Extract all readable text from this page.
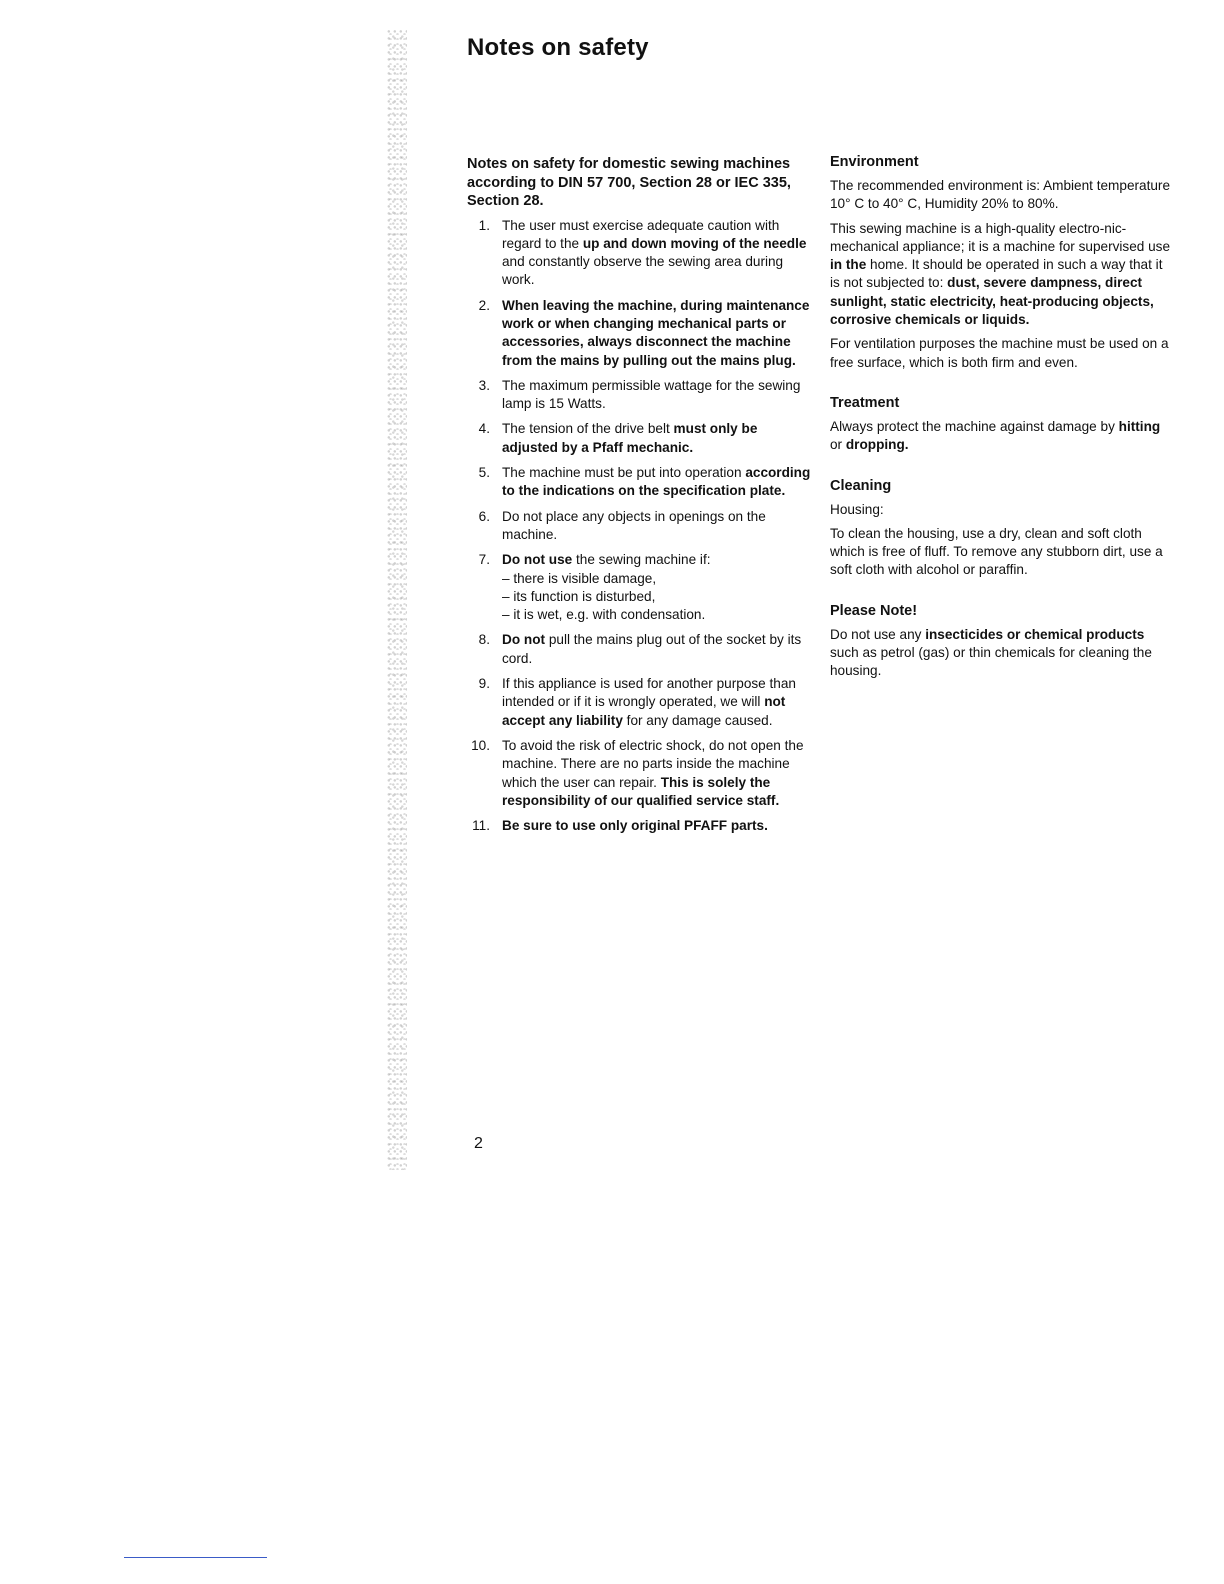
Notes on safety

Notes on safety for domestic sewing machines according to DIN 57 700, Section 28 or IEC 335, Section 28.

1. The user must exercise adequate caution with regard to the up and down moving of the needle and constantly observe the sewing area during work.
2. When leaving the machine, during maintenance work or when changing mechanical parts or accessories, always disconnect the machine from the mains by pulling out the mains plug.
3. The maximum permissible wattage for the sewing lamp is 15 Watts.
4. The tension of the drive belt must only be adjusted by a Pfaff mechanic.
5. The machine must be put into operation according to the indications on the specification plate.
6. Do not place any objects in openings on the machine.
7. Do not use the sewing machine if:
– there is visible damage,
– its function is disturbed,
– it is wet, e.g. with condensation.
8. Do not pull the mains plug out of the socket by its cord.
9. If this appliance is used for another purpose than intended or if it is wrongly operated, we will not accept any liability for any damage caused.
10. To avoid the risk of electric shock, do not open the machine. There are no parts inside the machine which the user can repair. This is solely the responsibility of our qualified service staff.
11. Be sure to use only original PFAFF parts.
Environment

The recommended environment is: Ambient temperature 10° C to 40° C, Humidity 20% to 80%.

This sewing machine is a high-quality electro-nic-mechanical appliance; it is a machine for supervised use in the home. It should be operated in such a way that it is not subjected to: dust, severe dampness, direct sunlight, static electricity, heat-producing objects, corrosive chemicals or liquids.

For ventilation purposes the machine must be used on a free surface, which is both firm and even.

Treatment

Always protect the machine against damage by hitting or dropping.

Cleaning

Housing:

To clean the housing, use a dry, clean and soft cloth which is free of fluff. To remove any stubborn dirt, use a soft cloth with alcohol or paraffin.

Please Note!

Do not use any insecticides or chemical products such as petrol (gas) or thin chemicals for cleaning the housing.

2
